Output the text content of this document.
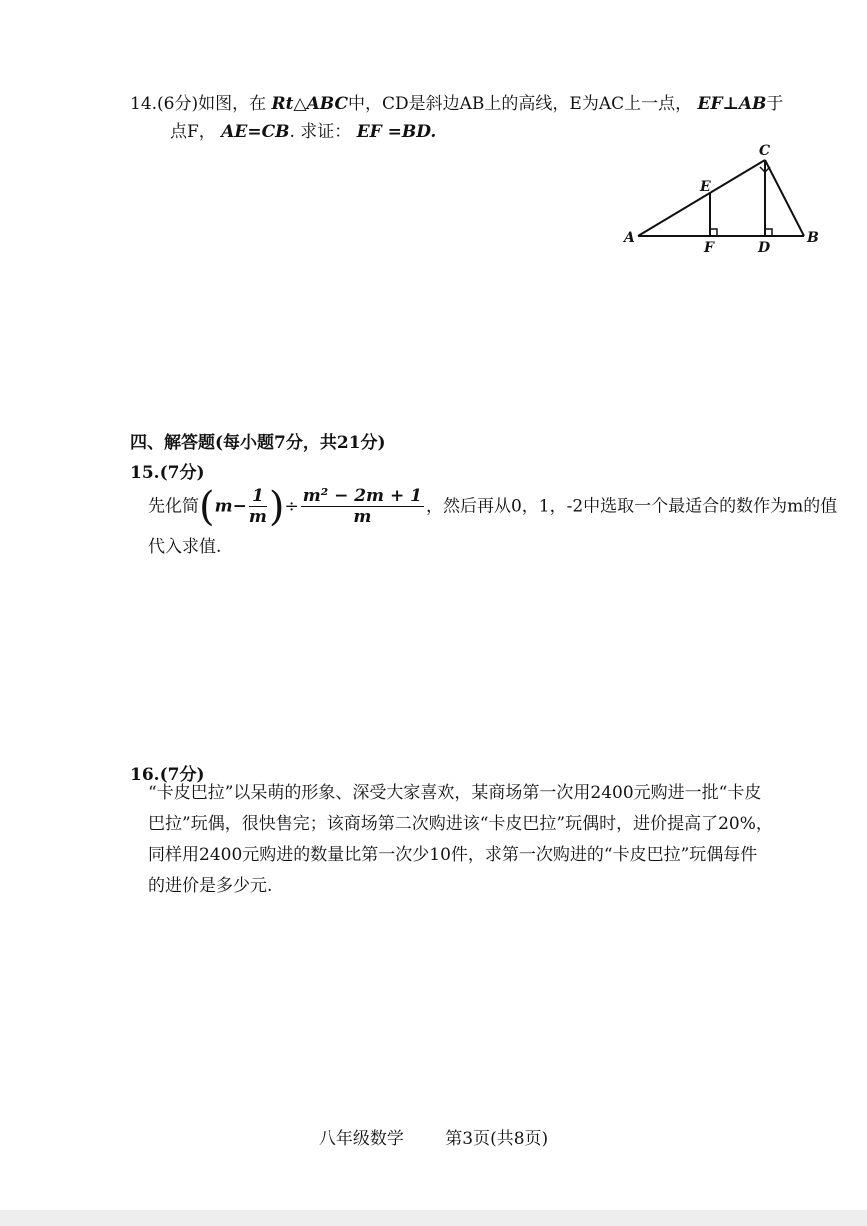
14.(6分)如图，在 Rt△ABC中，CD是斜边AB上的高线，E为AC上一点， EF⊥AB于
点F， AE=CB. 求证： EF =BD.
A	B
C
D
E
F
四、解答题(每小题7分，共21分)
15.(7分)
先化简($m- \frac{1}{m}$ )÷ $\frac{\text{m² − 2m + 1}}{m}$ ，然后再从0，1，-2中选取一个最适合的数作为m的值
代入求值.
16.(7分)
“卡皮巴拉”以呆萌的形象、深受大家喜欢，某商场第一次用2400元购进一批“卡皮
巴拉”玩偶，很快售完；该商场第二次购进该“卡皮巴拉”玩偶时，进价提高了20%，
同样用2400元购进的数量比第一次少10件，求第一次购进的“卡皮巴拉”玩偶每件
的进价是多少元.
八年级数学 第3页(共8页)
